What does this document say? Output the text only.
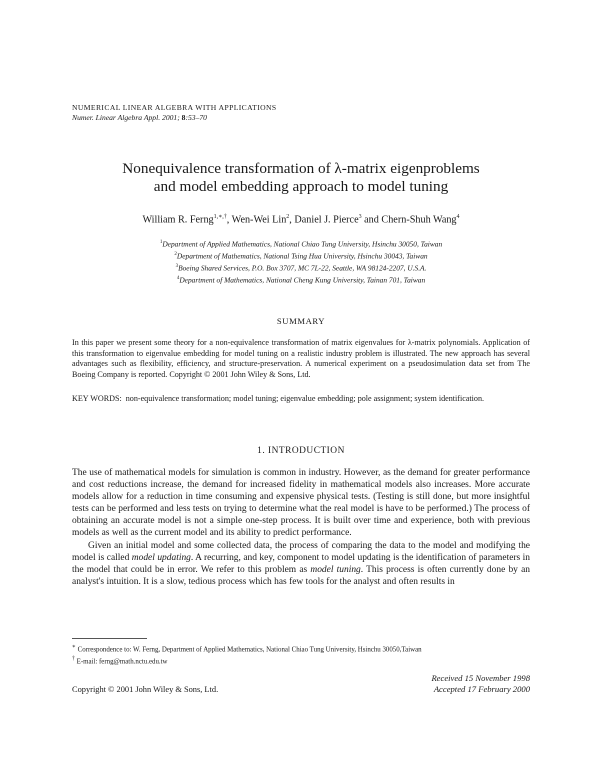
NUMERICAL LINEAR ALGEBRA WITH APPLICATIONS
Numer. Linear Algebra Appl. 2001; 8:53–70
Nonequivalence transformation of λ-matrix eigenproblems
and model embedding approach to model tuning
William R. Ferng$^{1,∗,\dagger}$, Wen-Wei Lin$^2$, Daniel J. Pierce$^3$ and Chern-Shuh Wang$^4$
$^1$Department of Applied Mathematics, National Chiao Tung University, Hsinchu 30050, Taiwan
$^2$Department of Mathematics, National Tsing Hua University, Hsinchu 30043, Taiwan
$^3$Boeing Shared Services, P.O. Box 3707, MC 7L-22, Seattle, WA 98124-2207, U.S.A.
$^4$Department of Mathematics, National Cheng Kung University, Tainan 701, Taiwan
SUMMARY
In this paper we present some theory for a non-equivalence transformation of matrix eigenvalues for λ-matrix polynomials. Application of this transformation to eigenvalue embedding for model tuning on a realistic industry problem is illustrated. The new approach has several advantages such as flexibility, efficiency, and structure-preservation. A numerical experiment on a pseudosimulation data set from The Boeing Company is reported. Copyright © 2001 John Wiley & Sons, Ltd.
KEY WORDS: non-equivalence transformation; model tuning; eigenvalue embedding; pole assignment; system identification.
1. INTRODUCTION

The use of mathematical models for simulation is common in industry. However, as the demand for greater performance and cost reductions increase, the demand for increased fidelity in mathematical models also increases. More accurate models allow for a reduction in time consuming and expensive physical tests. (Testing is still done, but more insightful tests can be performed and less tests on trying to determine what the real model is have to be performed.) The process of obtaining an accurate model is not a simple one-step process. It is built over time and experience, both with previous models as well as the current model and its ability to predict performance.

Given an initial model and some collected data, the process of comparing the data to the model and modifying the model is called model updating. A recurring, and key, component to model updating is the identification of parameters in the model that could be in error. We refer to this problem as model tuning. This process is often currently done by an analyst's intuition. It is a slow, tedious process which has few tools for the analyst and often results in

∗ Correspondence to: W. Ferng, Department of Applied Mathematics, National Chiao Tung University, Hsinchu 30050,Taiwan

† E-mail: ferng@math.nctu.edu.tw

Received 15 November 1998
Accepted 17 February 2000
Copyright © 2001 John Wiley & Sons, Ltd.
